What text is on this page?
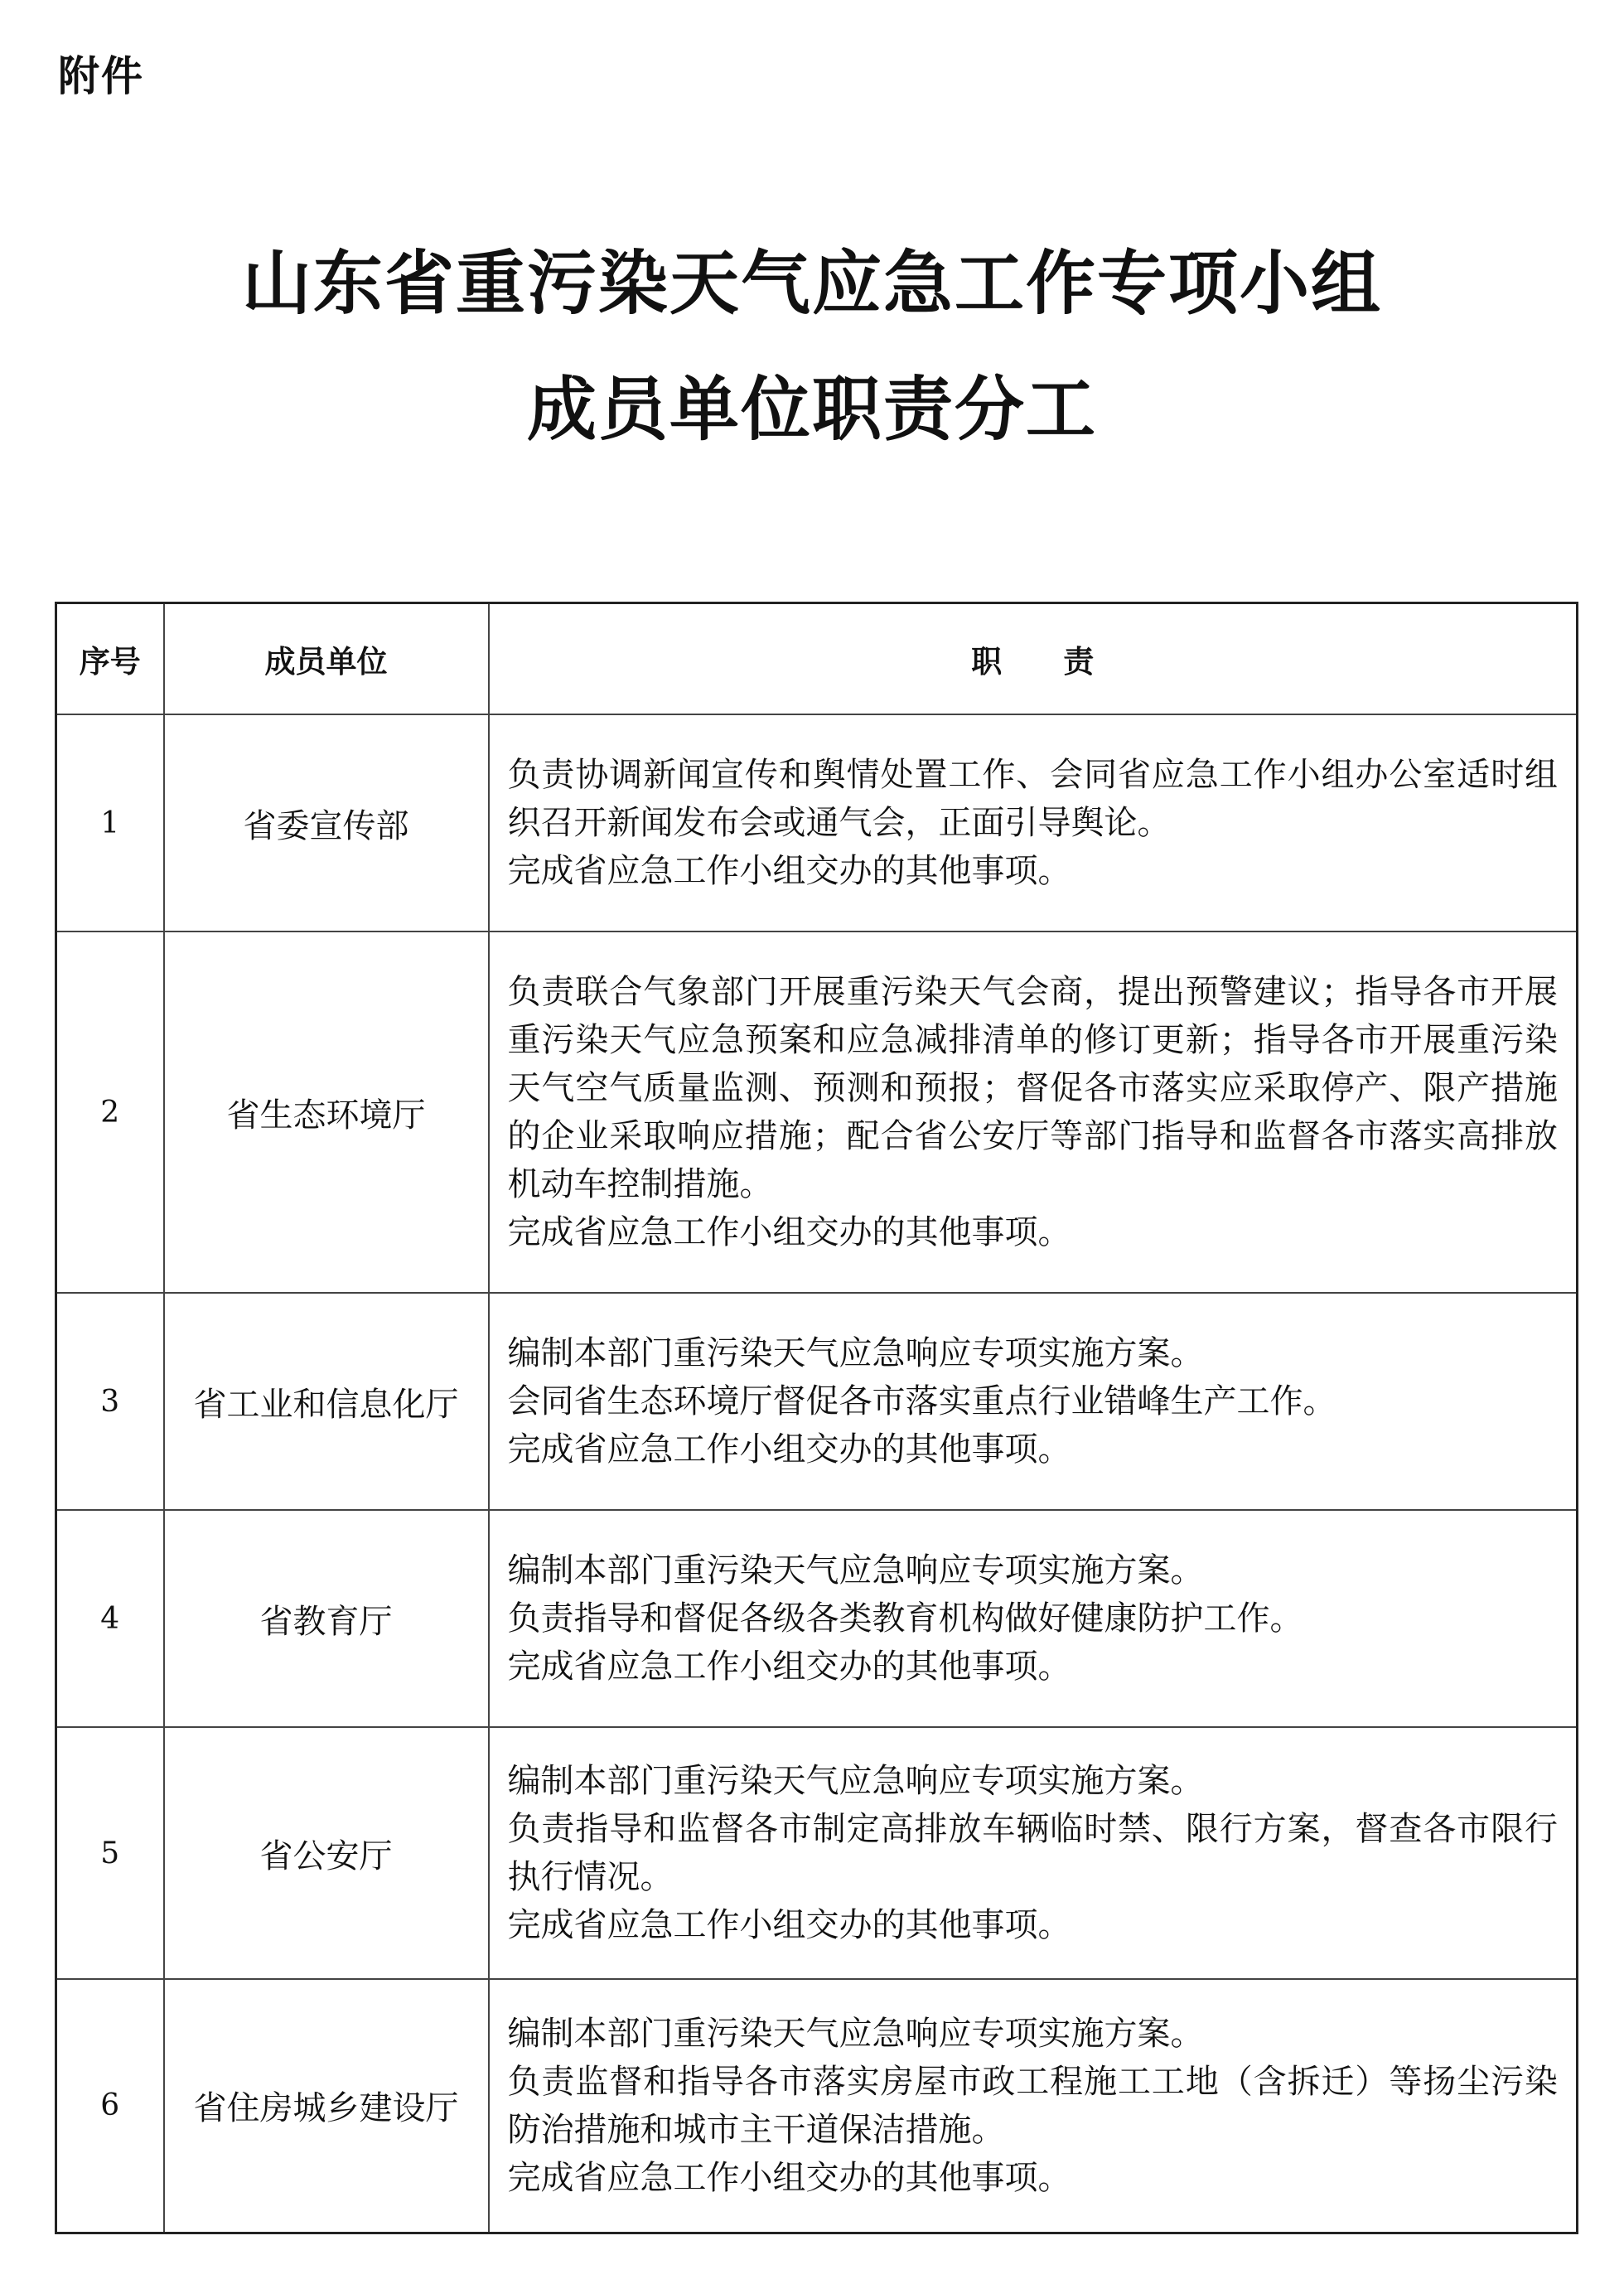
附件
山东省重污染天气应急工作专项小组
成员单位职责分工
序号	成员单位	职　　责
1	省委宣传部	负责协调新闻宣传和舆情处置工作、会同省应急工作小组办公室适时组织召开新闻发布会或通气会，正面引导舆论。
完成省应急工作小组交办的其他事项。

2	省生态环境厅	负责联合气象部门开展重污染天气会商，提出预警建议；指导各市开展重污染天气应急预案和应急减排清单的修订更新；指导各市开展重污染天气空气质量监测、预测和预报；督促各市落实应采取停产、限产措施的企业采取响应措施；配合省公安厅等部门指导和监督各市落实高排放机动车控制措施。
完成省应急工作小组交办的其他事项。

3	省工业和信息化厅	编制本部门重污染天气应急响应专项实施方案。
会同省生态环境厅督促各市落实重点行业错峰生产工作。
完成省应急工作小组交办的其他事项。

4	省教育厅	编制本部门重污染天气应急响应专项实施方案。
负责指导和督促各级各类教育机构做好健康防护工作。
完成省应急工作小组交办的其他事项。

5	省公安厅	编制本部门重污染天气应急响应专项实施方案。
负责指导和监督各市制定高排放车辆临时禁、限行方案，督查各市限行执行情况。
完成省应急工作小组交办的其他事项。

6	省住房城乡建设厅	编制本部门重污染天气应急响应专项实施方案。
负责监督和指导各市落实房屋市政工程施工工地（含拆迁）等扬尘污染防治措施和城市主干道保洁措施。
完成省应急工作小组交办的其他事项。
